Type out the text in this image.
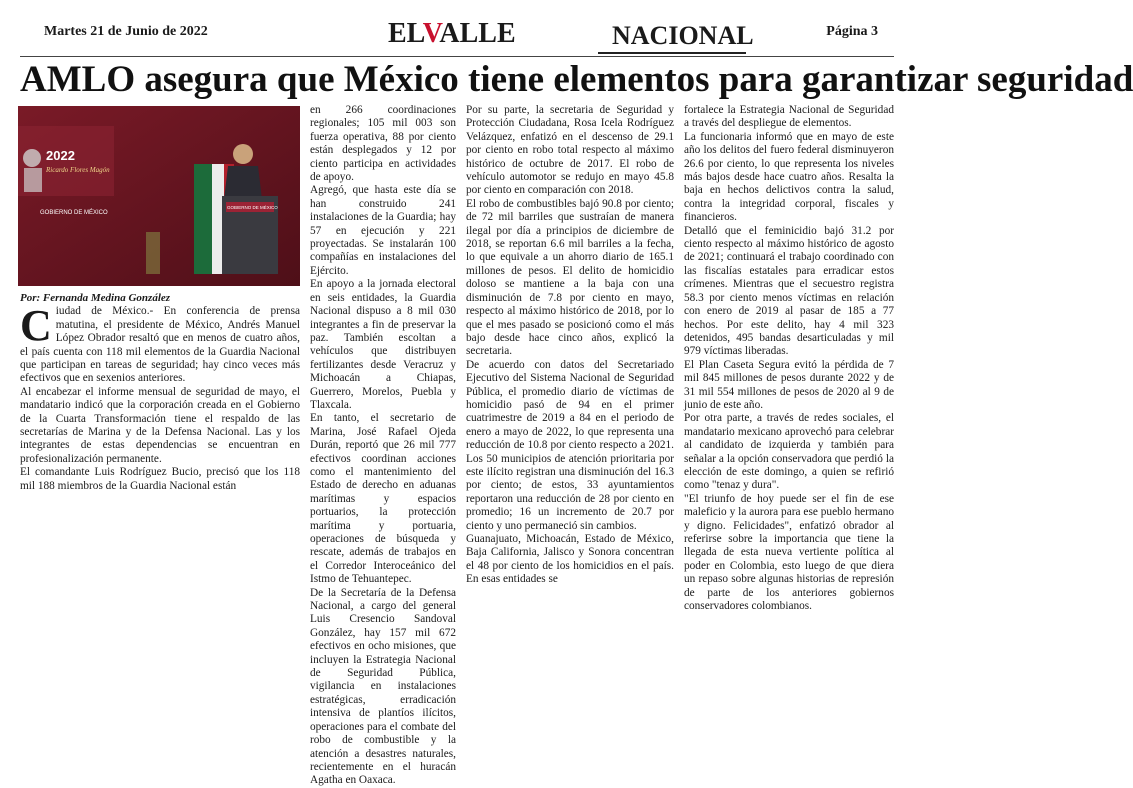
Martes 21 de Junio de 2022	ELVALLE	NACIONAL	Página 3
AMLO asegura que México tiene elementos para garantizar seguridad
2022
Ricardo Flores Magón
GOBIERNO DE MÉXICO
GOBIERNO DE MÉXICO

Por: Fernanda Medina González

Ciudad de México.- En conferencia de prensa matutina, el presidente de México, Andrés Manuel López Obrador resaltó que en menos de cuatro años, el país cuenta con 118 mil elementos de la Guardia Nacional que participan en tareas de seguridad; hay cinco veces más efectivos que en sexenios anteriores.

Al encabezar el informe mensual de seguridad de mayo, el mandatario indicó que la corporación creada en el Gobierno de la Cuarta Transformación tiene el respaldo de las secretarías de Marina y de la Defensa Nacional. Las y los integrantes de estas dependencias se encuentran en profesionalización permanente.

El comandante Luis Rodríguez Bucio, precisó que los 118 mil 188 miembros de la Guardia Nacional están

en 266 coordinaciones regionales; 105 mil 003 son fuerza operativa, 88 por ciento están desplegados y 12 por ciento participa en actividades de apoyo.

Agregó, que hasta este día se han construido 241 instalaciones de la Guardia; hay 57 en ejecución y 221 proyectadas. Se instalarán 100 compañías en instalaciones del Ejército.

En apoyo a la jornada electoral en seis entidades, la Guardia Nacional dispuso a 8 mil 030 integrantes a fin de preservar la paz. También escoltan a vehículos que distribuyen fertilizantes desde Veracruz y Michoacán a Chiapas, Guerrero, Morelos, Puebla y Tlaxcala.

En tanto, el secretario de Marina, José Rafael Ojeda Durán, reportó que 26 mil 777 efectivos coordinan acciones como el mantenimiento del Estado de derecho en aduanas marítimas y espacios portuarios, la protección marítima y portuaria, operaciones de búsqueda y rescate, además de trabajos en el Corredor Interoceánico del Istmo de Tehuantepec.

De la Secretaría de la Defensa Nacional, a cargo del general Luis Cresencio Sandoval González, hay 157 mil 672 efectivos en ocho misiones, que incluyen la Estrategia Nacional de Seguridad Pública, vigilancia en instalaciones estratégicas, erradicación intensiva de plantíos ilícitos, operaciones para el combate del robo de combustible y la atención a desastres naturales, recientemente en el huracán Agatha en Oaxaca.

Por su parte, la secretaria de Seguridad y Protección Ciudadana, Rosa Icela Rodríguez Velázquez, enfatizó en el descenso de 29.1 por ciento en robo total respecto al máximo histórico de octubre de 2017. El robo de vehículo automotor se redujo en mayo 45.8 por ciento en comparación con 2018.

El robo de combustibles bajó 90.8 por ciento; de 72 mil barriles que sustraían de manera ilegal por día a principios de diciembre de 2018, se reportan 6.6 mil barriles a la fecha, lo que equivale a un ahorro diario de 165.1 millones de pesos. El delito de homicidio doloso se mantiene a la baja con una disminución de 7.8 por ciento en mayo, respecto al máximo histórico de 2018, por lo que el mes pasado se posicionó como el más bajo desde hace cinco años, explicó la secretaria.

De acuerdo con datos del Secretariado Ejecutivo del Sistema Nacional de Seguridad Pública, el promedio diario de víctimas de homicidio pasó de 94 en el primer cuatrimestre de 2019 a 84 en el periodo de enero a mayo de 2022, lo que representa una reducción de 10.8 por ciento respecto a 2021. Los 50 municipios de atención prioritaria por este ilícito registran una disminución del 16.3 por ciento; de estos, 33 ayuntamientos reportaron una reducción de 28 por ciento en promedio; 16 un incremento de 20.7 por ciento y uno permaneció sin cambios.

Guanajuato, Michoacán, Estado de México, Baja California, Jalisco y Sonora concentran el 48 por ciento de los homicidios en el país. En esas entidades se

fortalece la Estrategia Nacional de Seguridad a través del despliegue de elementos.

La funcionaria informó que en mayo de este año los delitos del fuero federal disminuyeron 26.6 por ciento, lo que representa los niveles más bajos desde hace cuatro años. Resalta la baja en hechos delictivos contra la salud, contra la integridad corporal, fiscales y financieros.

Detalló que el feminicidio bajó 31.2 por ciento respecto al máximo histórico de agosto de 2021; continuará el trabajo coordinado con las fiscalías estatales para erradicar estos crímenes. Mientras que el secuestro registra 58.3 por ciento menos víctimas en relación con enero de 2019 al pasar de 185 a 77 hechos. Por este delito, hay 4 mil 323 detenidos, 495 bandas desarticuladas y mil 979 víctimas liberadas.

El Plan Caseta Segura evitó la pérdida de 7 mil 845 millones de pesos durante 2022 y de 31 mil 554 millones de pesos de 2020 al 9 de junio de este año.

Por otra parte, a través de redes sociales, el mandatario mexicano aprovechó para celebrar al candidato de izquierda y también para señalar a la opción conservadora que perdió la elección de este domingo, a quien se refirió como "tenaz y dura".

"El triunfo de hoy puede ser el fin de ese maleficio y la aurora para ese pueblo hermano y digno. Felicidades", enfatizó obrador al referirse sobre la importancia que tiene la llegada de esta nueva vertiente política al poder en Colombia, esto luego de que diera un repaso sobre algunas historias de represión de parte de los anteriores gobiernos conservadores colombianos.
